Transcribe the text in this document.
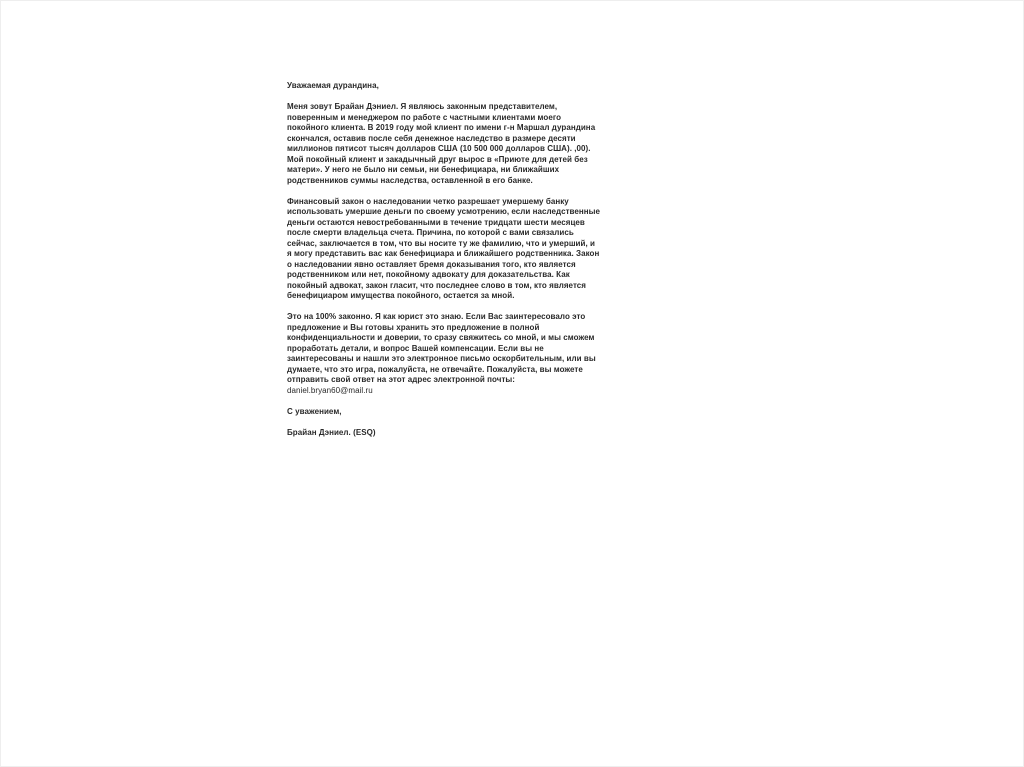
Уважаемая дурандина,

Меня зовут Брайан Дэниел. Я являюсь законным представителем,
поверенным и менеджером по работе с частными клиентами моего
покойного клиента. В 2019 году мой клиент по имени г-н Маршал дурандина
скончался, оставив после себя денежное наследство в размере десяти
миллионов пятисот тысяч долларов США (10 500 000 долларов США). ,00).
Мой покойный клиент и закадычный друг вырос в «Приюте для детей без
матери». У него не было ни семьи, ни бенефициара, ни ближайших
родственников суммы наследства, оставленной в его банке.

Финансовый закон о наследовании четко разрешает умершему банку
использовать умершие деньги по своему усмотрению, если наследственные
деньги остаются невостребованными в течение тридцати шести месяцев
после смерти владельца счета. Причина, по которой с вами связались
сейчас, заключается в том, что вы носите ту же фамилию, что и умерший, и
я могу представить вас как бенефициара и ближайшего родственника. Закон
о наследовании явно оставляет бремя доказывания того, кто является
родственником или нет, покойному адвокату для доказательства. Как
покойный адвокат, закон гласит, что последнее слово в том, кто является
бенефициаром имущества покойного, остается за мной.

Это на 100% законно. Я как юрист это знаю. Если Вас заинтересовало это
предложение и Вы готовы хранить это предложение в полной
конфиденциальности и доверии, то сразу свяжитесь со мной, и мы сможем
проработать детали, и вопрос Вашей компенсации. Если вы не
заинтересованы и нашли это электронное письмо оскорбительным, или вы
думаете, что это игра, пожалуйста, не отвечайте. Пожалуйста, вы можете
отправить свой ответ на этот адрес электронной почты:
daniel.bryan60@mail.ru

С уважением,

Брайан Дэниел. (ESQ)
